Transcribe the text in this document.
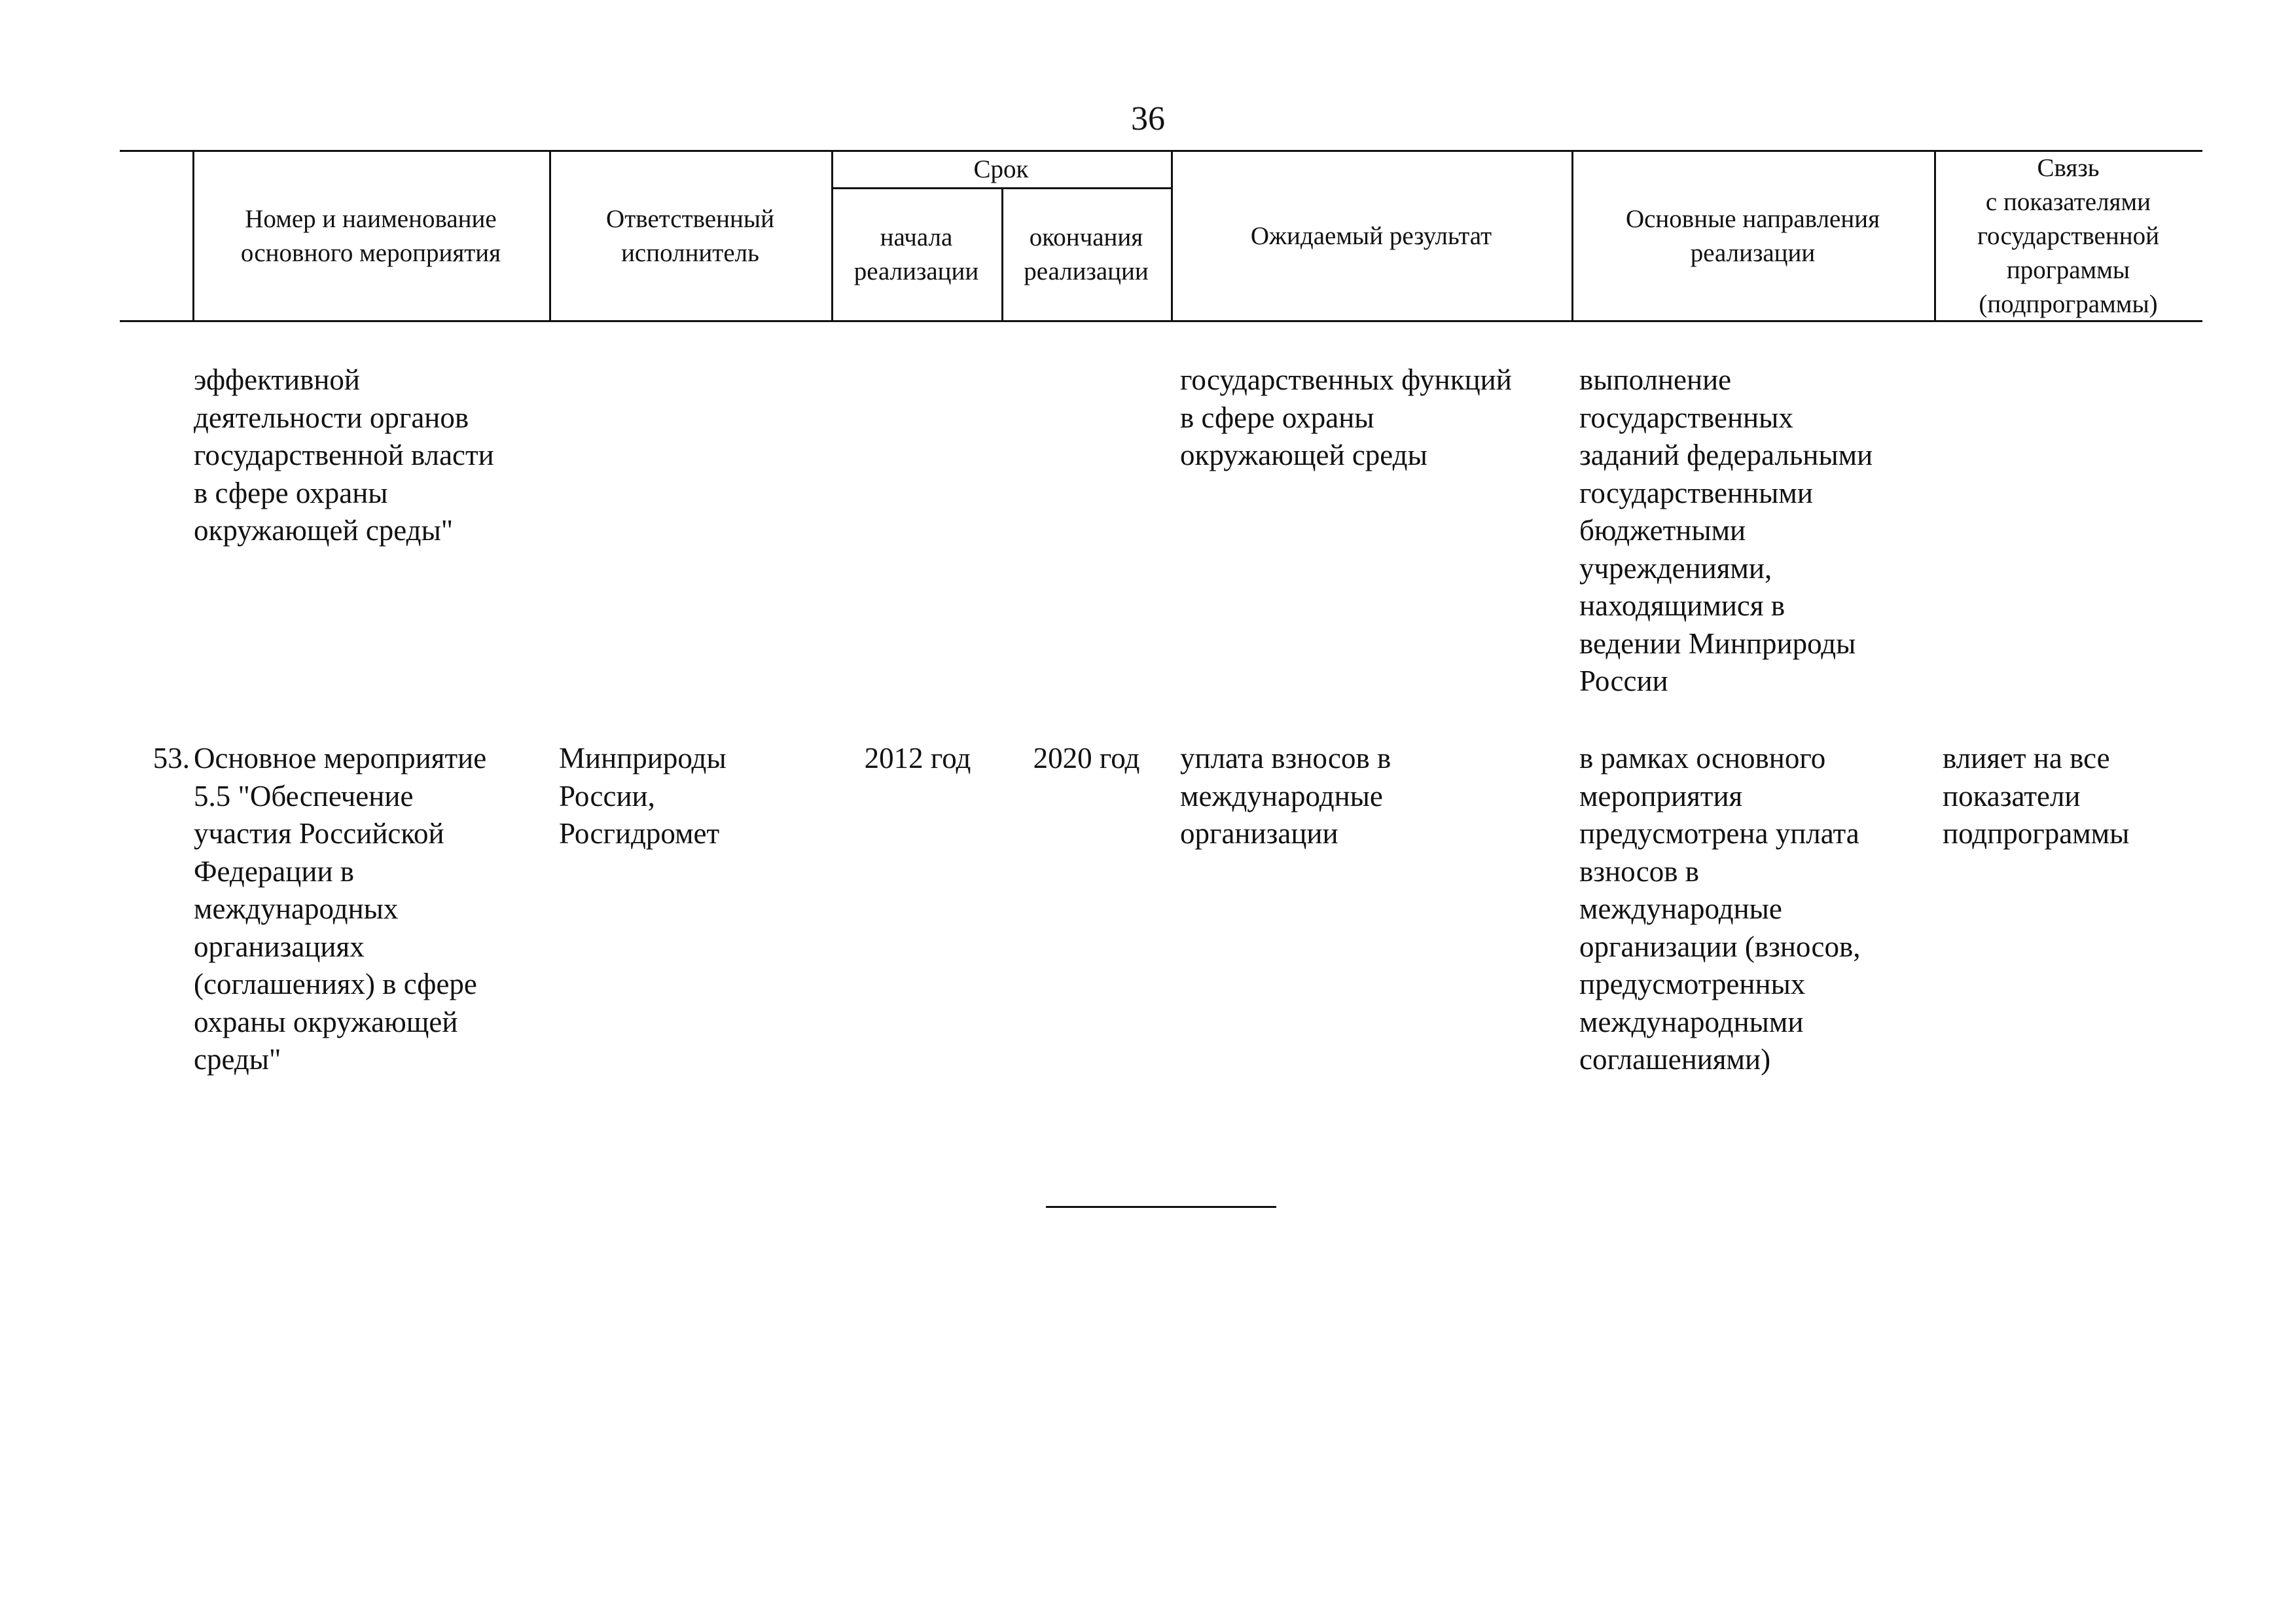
36
Номер и наименование
основного мероприятия
Ответственный
исполнитель
Срок
начала
реализации
окончания
реализации
Ожидаемый результат
Основные направления
реализации
Связь
с показателями
государственной
программы
(подпрограммы)
эффективной
деятельности органов
государственной власти
в сфере охраны
окружающей среды"
государственных функций
в сфере охраны
окружающей среды
выполнение
государственных
заданий федеральными
государственными
бюджетными
учреждениями,
находящимися в
ведении Минприроды
России
53. Основное мероприятие
5.5 "Обеспечение
участия Российской
Федерации в
международных
организациях
(соглашениях) в сфере
охраны окружающей
среды"
Минприроды
России,
Росгидромет
2012 год	2020 год	уплата взносов в
международные
организации
в рамках основного
мероприятия
предусмотрена уплата
взносов в
международные
организации (взносов,
предусмотренных
международными
соглашениями)
влияет на все
показатели
подпрограммы
